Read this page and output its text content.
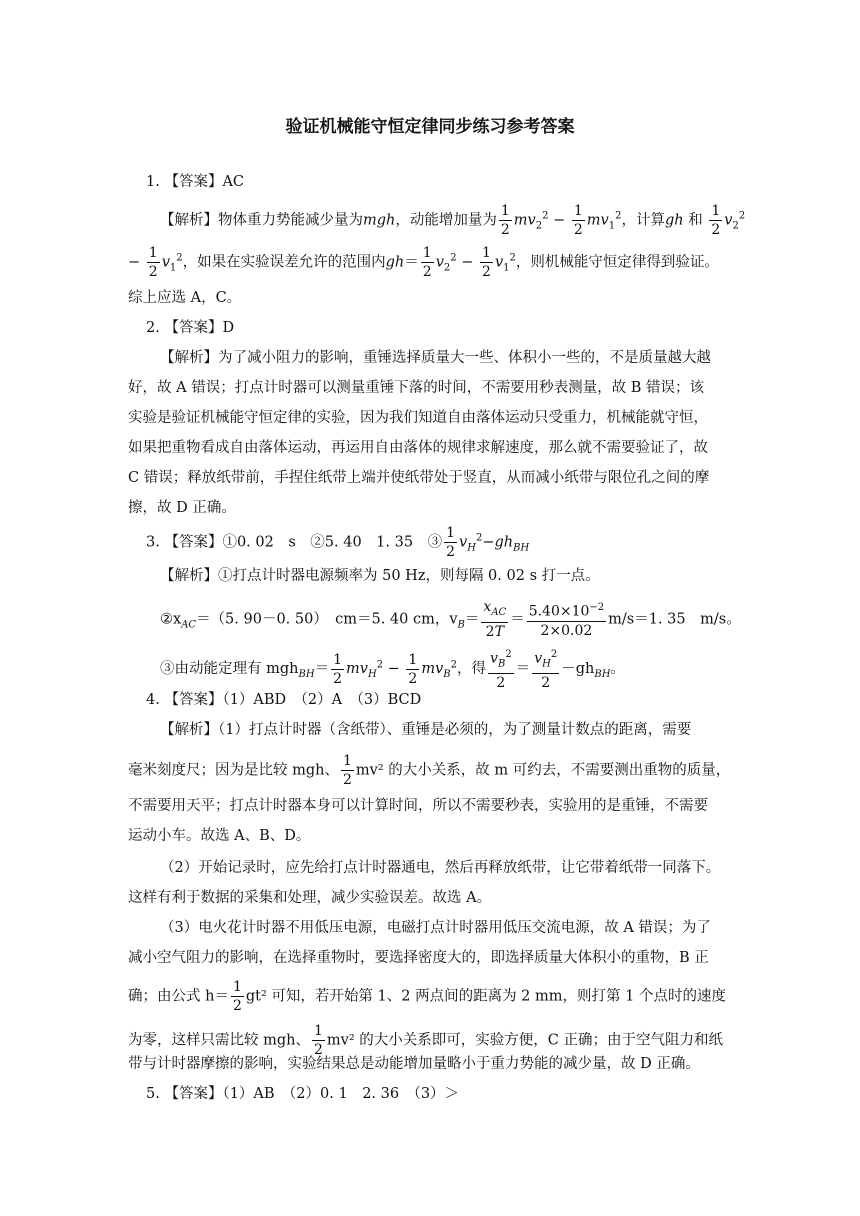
验证机械能守恒定律同步练习参考答案
1. 【答案】AC
【解析】物体重力势能减少量为mgh，动能增加量为 $\frac{1}{2} mv_2^2 - \frac{1}{2} mv_1^2$，计算gh 和 $\frac{1}{2} v_2^2$
− $\frac{1}{2} v_1^2$，如果在实验误差允许的范围内$gh= \frac{1}{2} v_2^2 - \frac{1}{2} v_1^2$，则机械能守恒定律得到验证。
综上应选 A，C。
2. 【答案】D
【解析】为了减小阻力的影响，重锤选择质量大一些、体积小一些的，不是质量越大越
好，故 A 错误；打点计时器可以测量重锤下落的时间，不需要用秒表测量，故 B 错误；该
实验是验证机械能守恒定律的实验，因为我们知道自由落体运动只受重力，机械能就守恒，
如果把重物看成自由落体运动，再运用自由落体的规律求解速度，那么就不需要验证了，故
C 错误；释放纸带前，手捏住纸带上端并使纸带处于竖直，从而减小纸带与限位孔之间的摩
擦，故 D 正确。
3. 【答案】①0. 02　s　②5. 40　1. 35　③ $\frac{1}{2} v_H^2-gh_{BH}$
【解析】①打点计时器电源频率为 50 Hz，则每隔 0. 02 s 打一点。
$②x_{AC}=(5$. 90－0. 50）　cm＝5. 40 cm，$v_B= \frac{x_{AC}}{2T} = \frac{5.40\times 10^{-2}}{2\times 0.02} m/s=1$. 35　m/s。
③由动能定理有 $mgh_{BH}= \frac{1}{2} mv_H^2 - \frac{1}{2} mv_B^2$，得 $\frac{v_B^2}{2} = \frac{v_H^2}{2} -gh_{BH}$。
4. 【答案】（1）ABD　（2）A　（3）BCD
【解析】（1）打点计时器（含纸带）、重锤是必须的，为了测量计数点的距离，需要
毫米刻度尺；因为是比较 mgh、 $\frac{1}{2} mv^2$ 的大小关系，故 m 可约去，不需要测出重物的质量，
不需要用天平；打点计时器本身可以计算时间，所以不需要秒表，实验用的是重锤，不需要
运动小车。故选 A、B、D。
（2）开始记录时，应先给打点计时器通电，然后再释放纸带，让它带着纸带一同落下。
这样有利于数据的采集和处理，减少实验误差。故选 A。
（3）电火花计时器不用低压电源，电磁打点计时器用低压交流电源，故 A 错误；为了
减小空气阻力的影响，在选择重物时，要选择密度大的，即选择质量大体积小的重物，B 正
确；由公式 $h= \frac{1}{2} gt^2$ 可知，若开始第 1、2 两点间的距离为 2 mm，则打第 1 个点时的速度
为零，这样只需比较 mgh、 $\frac{1}{2} mv^2$ 的大小关系即可，实验方便，C 正确；由于空气阻力和纸
带与计时器摩擦的影响，实验结果总是动能增加量略小于重力势能的减少量，故 D 正确。
5. 【答案】（1）AB　（2）0. 1　2. 36　（3）＞
